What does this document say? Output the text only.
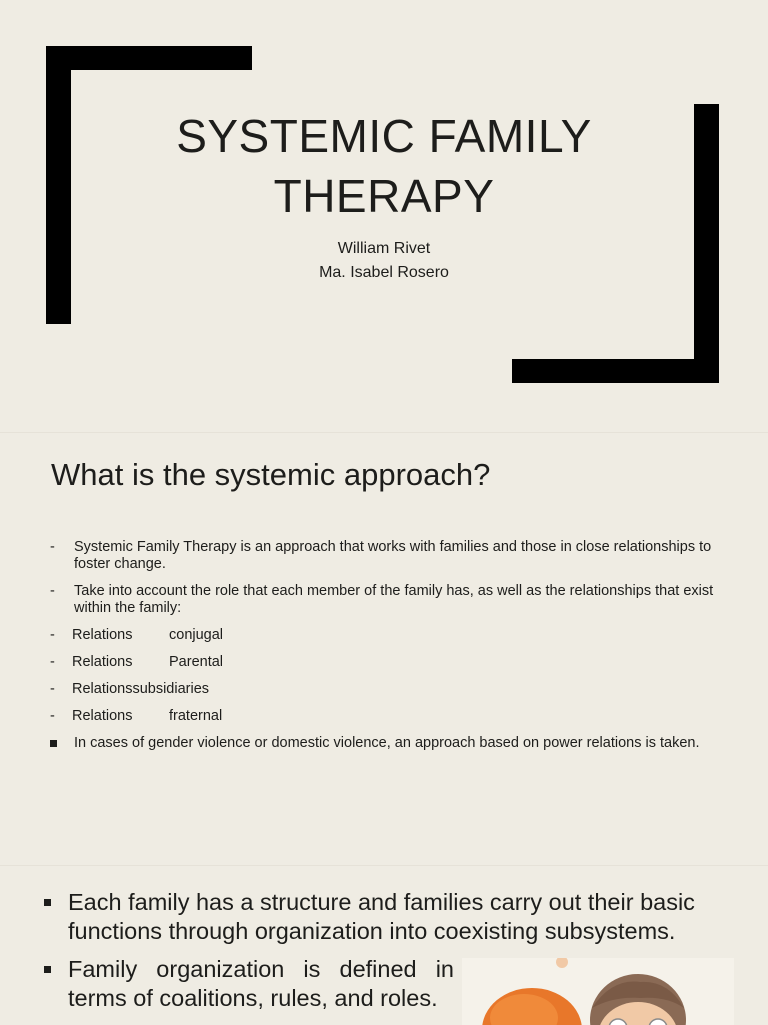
SYSTEMIC FAMILY
THERAPY
William Rivet
Ma. Isabel Rosero
What is the systemic approach?
-	Systemic Family Therapy is an approach that works with families and those in close relationships to foster change.
-	Take into account the role that each member of the family has, as well as the relationships that exist within the family:
-	Relations	conjugal
-	Relations	Parental
-	Relationssubsidiaries
-	Relations	fraternal
In cases of gender violence or domestic violence, an approach based on power relations is taken.
Each family has a structure and families carry out their basic functions through organization into coexisting subsystems.
Family organization is defined in terms of coalitions, rules, and roles.
